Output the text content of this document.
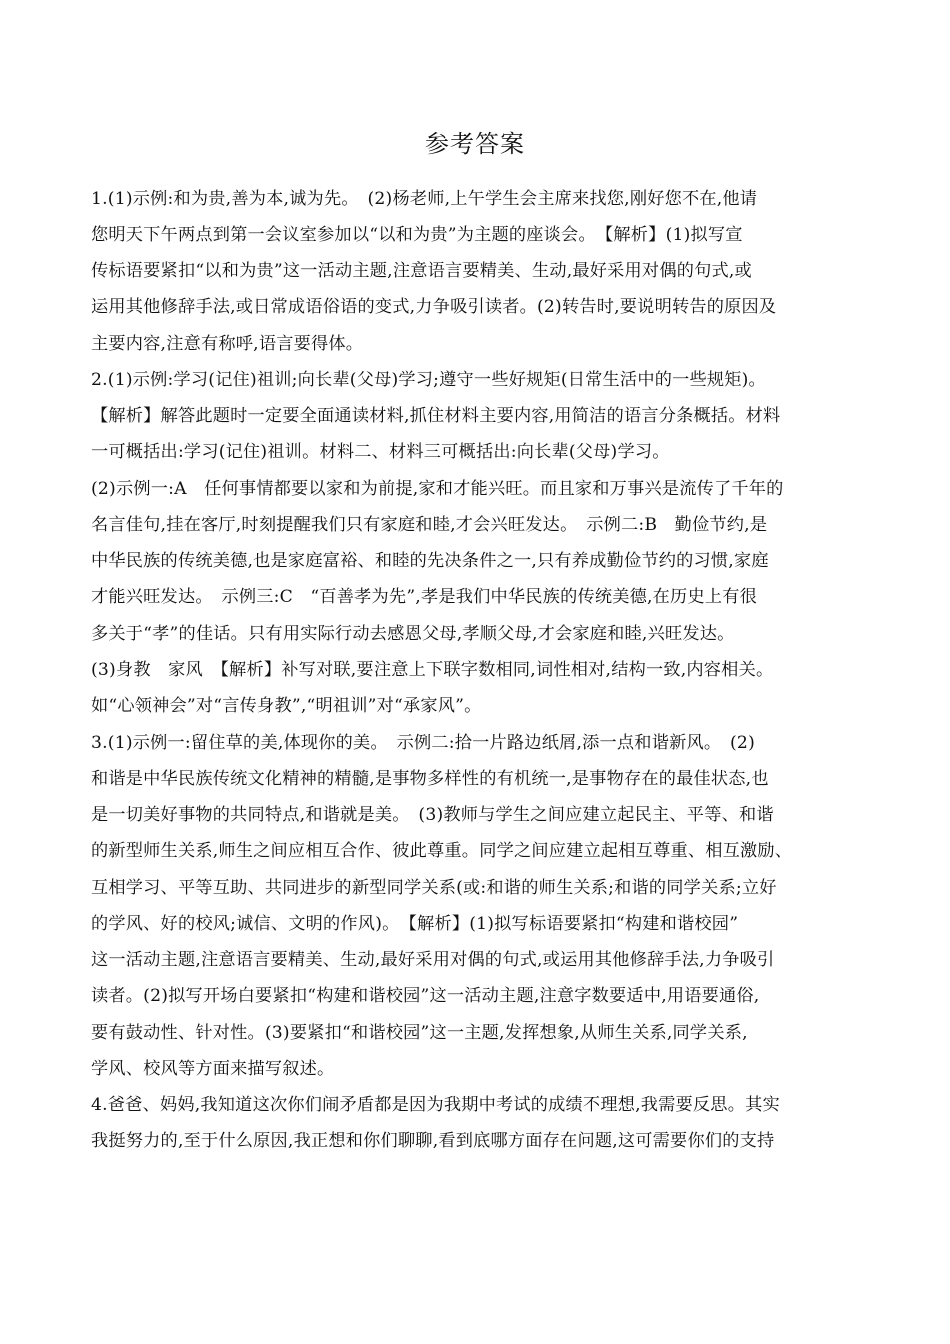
参考答案
1.(1)示例:和为贵,善为本,诚为先。　(2)杨老师,上午学生会主席来找您,刚好您不在,他请
您明天下午两点到第一会议室参加以“以和为贵”为主题的座谈会。　【解析】(1)拟写宣
传标语要紧扣“以和为贵”这一活动主题,注意语言要精美、生动,最好采用对偶的句式,或
运用其他修辞手法,或日常成语俗语的变式,力争吸引读者。(2)转告时,要说明转告的原因及
主要内容,注意有称呼,语言要得体。
2.(1)示例:学习(记住)祖训;向长辈(父母)学习;遵守一些好规矩(日常生活中的一些规矩)。
【解析】解答此题时一定要全面通读材料,抓住材料主要内容,用简洁的语言分条概括。材料
一可概括出:学习(记住)祖训。材料二、材料三可概括出:向长辈(父母)学习。
(2)示例一:A　任何事情都要以家和为前提,家和才能兴旺。而且家和万事兴是流传了千年的
名言佳句,挂在客厅,时刻提醒我们只有家庭和睦,才会兴旺发达。　示例二:B　勤俭节约,是
中华民族的传统美德,也是家庭富裕、和睦的先决条件之一,只有养成勤俭节约的习惯,家庭
才能兴旺发达。　示例三:C　“百善孝为先”,孝是我们中华民族的传统美德,在历史上有很
多关于“孝”的佳话。只有用实际行动去感恩父母,孝顺父母,才会家庭和睦,兴旺发达。
(3)身教　家风　【解析】补写对联,要注意上下联字数相同,词性相对,结构一致,内容相关。
如“心领神会”对“言传身教”,“明祖训”对“承家风”。
3.(1)示例一:留住草的美,体现你的美。　示例二:拾一片路边纸屑,添一点和谐新风。　(2)
和谐是中华民族传统文化精神的精髓,是事物多样性的有机统一,是事物存在的最佳状态,也
是一切美好事物的共同特点,和谐就是美。　(3)教师与学生之间应建立起民主、平等、和谐
的新型师生关系,师生之间应相互合作、彼此尊重。同学之间应建立起相互尊重、相互激励、
互相学习、平等互助、共同进步的新型同学关系(或:和谐的师生关系;和谐的同学关系;立好
的学风、好的校风;诚信、文明的作风)。　【解析】(1)拟写标语要紧扣“构建和谐校园”
这一活动主题,注意语言要精美、生动,最好采用对偶的句式,或运用其他修辞手法,力争吸引
读者。(2)拟写开场白要紧扣“构建和谐校园”这一活动主题,注意字数要适中,用语要通俗,
要有鼓动性、针对性。(3)要紧扣“和谐校园”这一主题,发挥想象,从师生关系,同学关系,
学风、校风等方面来描写叙述。
4.爸爸、妈妈,我知道这次你们闹矛盾都是因为我期中考试的成绩不理想,我需要反思。其实
我挺努力的,至于什么原因,我正想和你们聊聊,看到底哪方面存在问题,这可需要你们的支持
